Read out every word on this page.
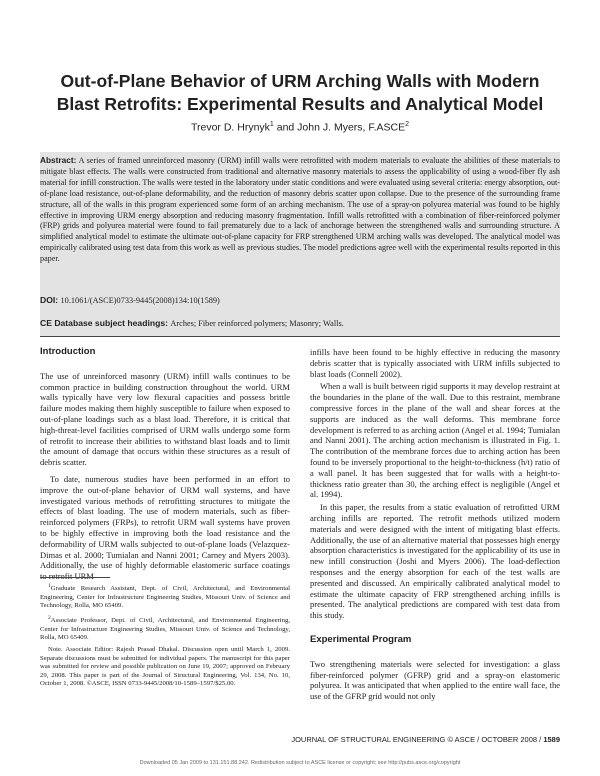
Out-of-Plane Behavior of URM Arching Walls with Modern Blast Retrofits: Experimental Results and Analytical Model
Trevor D. Hrynyk$^1$ and John J. Myers, F.ASCE$^2$
Abstract: A series of framed unreinforced masonry (URM) infill walls were retrofitted with modern materials to evaluate the abilities of these materials to mitigate blast effects. The walls were constructed from traditional and alternative masonry materials to assess the applicability of using a wood-fiber fly ash material for infill construction. The walls were tested in the laboratory under static conditions and were evaluated using several criteria: energy absorption, out-of-plane load resistance, out-of-plane deformability, and the reduction of masonry debris scatter upon collapse. Due to the presence of the surrounding frame structure, all of the walls in this program experienced some form of an arching mechanism. The use of a spray-on polyurea material was found to be highly effective in improving URM energy absorption and reducing masonry fragmentation. Infill walls retrofitted with a combination of fiber-reinforced polymer (FRP) grids and polyurea material were found to fail prematurely due to a lack of anchorage between the strengthened walls and surrounding structure. A simplified analytical model to estimate the ultimate out-of-plane capacity for FRP strengthened URM arching walls was developed. The analytical model was empirically calibrated using test data from this work as well as previous studies. The model predictions agree well with the experimental results reported in this paper.
DOI: 10.1061/(ASCE)0733-9445(2008)134:10(1589)
CE Database subject headings: Arches; Fiber reinforced polymers; Masonry; Walls.
Introduction

The use of unreinforced masonry (URM) infill walls continues to be common practice in building construction throughout the world. URM walls typically have very low flexural capacities and possess brittle failure modes making them highly susceptible to failure when exposed to out-of-plane loadings such as a blast load. Therefore, it is critical that high-threat-level facilities comprised of URM walls undergo some form of retrofit to increase their abilities to withstand blast loads and to limit the amount of damage that occurs within these structures as a result of debris scatter.

To date, numerous studies have been performed in an effort to improve the out-of-plane behavior of URM wall systems, and have investigated various methods of retrofitting structures to mitigate the effects of blast loading. The use of modern materials, such as fiber-reinforced polymers (FRPs), to retrofit URM wall systems have proven to be highly effective in improving both the load resistance and the deformability of URM walls subjected to out-of-plane loads (Velazquez-Dimas et al. 2000; Tumialan and Nanni 2001; Carney and Myers 2003). Additionally, the use of highly deformable elastomeric surface coatings

$^1$Graduate Research Assistant, Dept. of Civil, Architectural, and Environmental Engineering, Center for Infrastructure Engineering Studies, Missouri Univ. of Science and Technology, Rolla, MO 65409.

$^2$Associate Professor, Dept. of Civil, Architectural, and Environmental Engineering, Center for Infrastructure Engineering Studies, Missouri Univ. of Science and Technology, Rolla, MO 65409.

Note. Associate Editor: Rajesh Prasad Dhakal. Discussion open until March 1, 2009. Separate discussions must be submitted for individual papers. The manuscript for this paper was submitted for review and possible publication on June 19, 2007; approved on February 29, 2008. This paper is part of the Journal of Structural Engineering, Vol. 134, No. 10, October 1, 2008. ©ASCE, ISSN 0733-9445/2008/10-1589–1597/$25.00.

infills have been found to be highly effective in reducing the masonry debris scatter that is typically associated with URM infills subjected to blast loads (Connell 2002).

When a wall is built between rigid supports it may develop restraint at the boundaries in the plane of the wall. Due to this restraint, membrane compressive forces in the plane of the wall and shear forces at the supports are induced as the wall deforms. This membrane force development is referred to as arching action (Angel et al. 1994; Tumialan and Nanni 2001). The arching action mechanism is illustrated in Fig. 1. The contribution of the membrane forces due to arching action has been found to be inversely proportional to the height-to-thickness (h/t) ratio of a wall panel. It has been suggested that for walls with a height-to-thickness ratio greater than 30, the arching effect is negligible (Angel et al. 1994).

In this paper, the results from a static evaluation of retrofitted URM arching infills are reported. The retrofit methods utilized modern materials and were designed with the intent of mitigating blast effects. Additionally, the use of an alternative material that possesses high energy absorption characteristics is investigated for the applicability of its use in new infill construction (Joshi and Myers 2006). The load-deflection responses and the energy absorption for each of the test walls are presented and discussed. An empirically calibrated analytical model to estimate the ultimate capacity of FRP strengthened arching infills is presented. The analytical predictions are compared with test data from this study.

Experimental Program

Two strengthening materials were selected for investigation: a glass fiber-reinforced polymer (GFRP) grid and a spray-on elastomeric polyurea. It was anticipated that when applied to the entire wall face, the use of the GFRP grid would not only

JOURNAL OF STRUCTURAL ENGINEERING © ASCE / OCTOBER 2008 / 1589
Downloaded 05 Jan 2009 to 131.151.88.242. Redistribution subject to ASCE license or copyright; see http://pubs.asce.org/copyright
